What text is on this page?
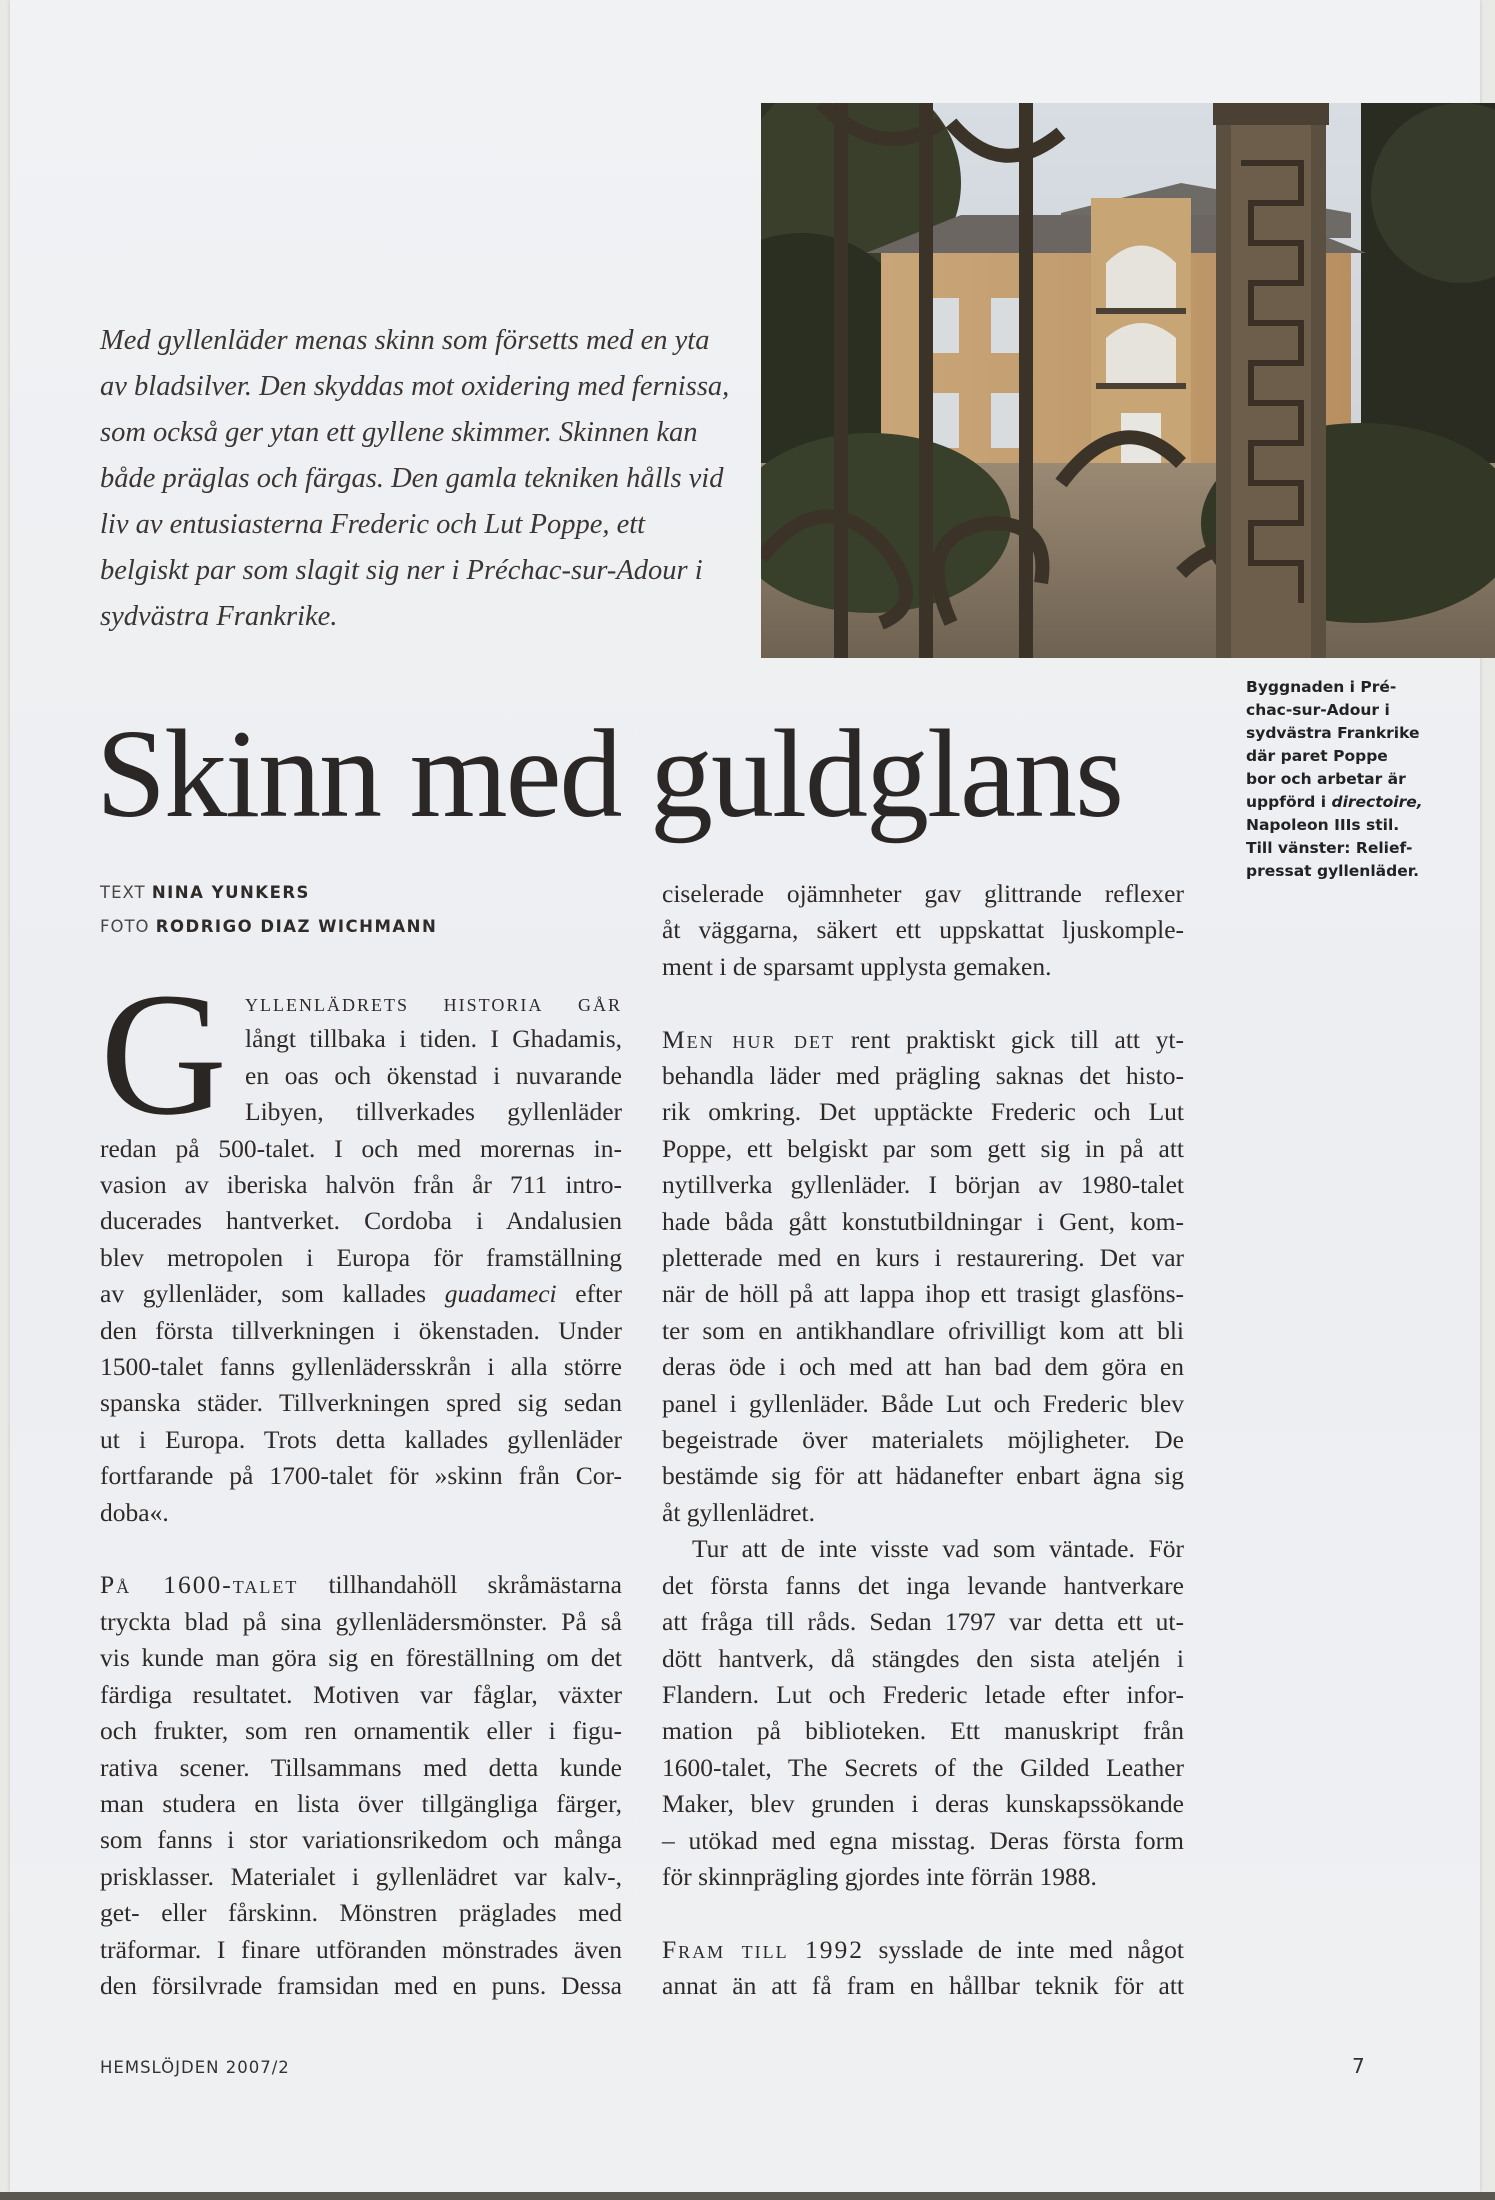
Byggnaden i Pré-
chac-sur-Adour i
sydvästra Frankrike
där paret Poppe
bor och arbetar är
uppförd i directoire,
Napoleon IIIs stil.
Till vänster: Relief-
pressat gyllenläder.
Med gyllenläder menas skinn som försetts med en yta av bladsilver. Den skyddas mot oxidering med fernissa, som också ger ytan ett gyllene skimmer. Skinnen kan både präglas och färgas. Den gamla tekniken hålls vid liv av entusiasterna Frederic och Lut Poppe, ett belgiskt par som slagit sig ner i Préchac-sur-Adour i sydvästra Frankrike.
Skinn med guldglans
TEXT NINA YUNKERS
FOTO RODRIGO DIAZ WICHMANN
G yllenlädrets historia går
långt tillbaka i tiden. I Ghadamis,
en oas och ökenstad i nuvarande
Libyen, tillverkades gyllenläder
redan på 500-talet. I och med morernas in-
vasion av iberiska halvön från år 711 intro-
ducerades hantverket. Cordoba i Andalusien
blev metropolen i Europa för framställning
av gyllenläder, som kallades guadameci efter
den första tillverkningen i ökenstaden. Under
1500-talet fanns gyllenlädersskrån i alla större
spanska städer. Tillverkningen spred sig sedan
ut i Europa. Trots detta kallades gyllenläder
fortfarande på 1700-talet för »skinn från Cor-
doba«.
På 1600-talet tillhandahöll skråmästarna
tryckta blad på sina gyllenlädersmönster. På så
vis kunde man göra sig en föreställning om det
färdiga resultatet. Motiven var fåglar, växter
och frukter, som ren ornamentik eller i figu-
rativa scener. Tillsammans med detta kunde
man studera en lista över tillgängliga färger,
som fanns i stor variationsrikedom och många
prisklasser. Materialet i gyllenlädret var kalv-,
get- eller fårskinn. Mönstren präglades med
träformar. I finare utföranden mönstrades även
den försilvrade framsidan med en puns. Dessa
ciselerade ojämnheter gav glittrande reflexer
åt väggarna, säkert ett uppskattat ljuskomple-
ment i de sparsamt upplysta gemaken.
Men hur det rent praktiskt gick till att yt-
behandla läder med prägling saknas det histo-
rik omkring. Det upptäckte Frederic och Lut
Poppe, ett belgiskt par som gett sig in på att
nytillverka gyllenläder. I början av 1980-talet
hade båda gått konstutbildningar i Gent, kom-
pletterade med en kurs i restaurering. Det var
när de höll på att lappa ihop ett trasigt glasföns-
ter som en antikhandlare ofrivilligt kom att bli
deras öde i och med att han bad dem göra en
panel i gyllenläder. Både Lut och Frederic blev
begeistrade över materialets möjligheter. De
bestämde sig för att hädanefter enbart ägna sig
åt gyllenlädret.
Tur att de inte visste vad som väntade. För
det första fanns det inga levande hantverkare
att fråga till råds. Sedan 1797 var detta ett ut-
dött hantverk, då stängdes den sista ateljén i
Flandern. Lut och Frederic letade efter infor-
mation på biblioteken. Ett manuskript från
1600-talet, The Secrets of the Gilded Leather
Maker, blev grunden i deras kunskapssökande
– utökad med egna misstag. Deras första form
för skinnprägling gjordes inte förrän 1988.
Fram till 1992 sysslade de inte med något
annat än att få fram en hållbar teknik för att
HEMSLÖJDEN 2007/2	7
